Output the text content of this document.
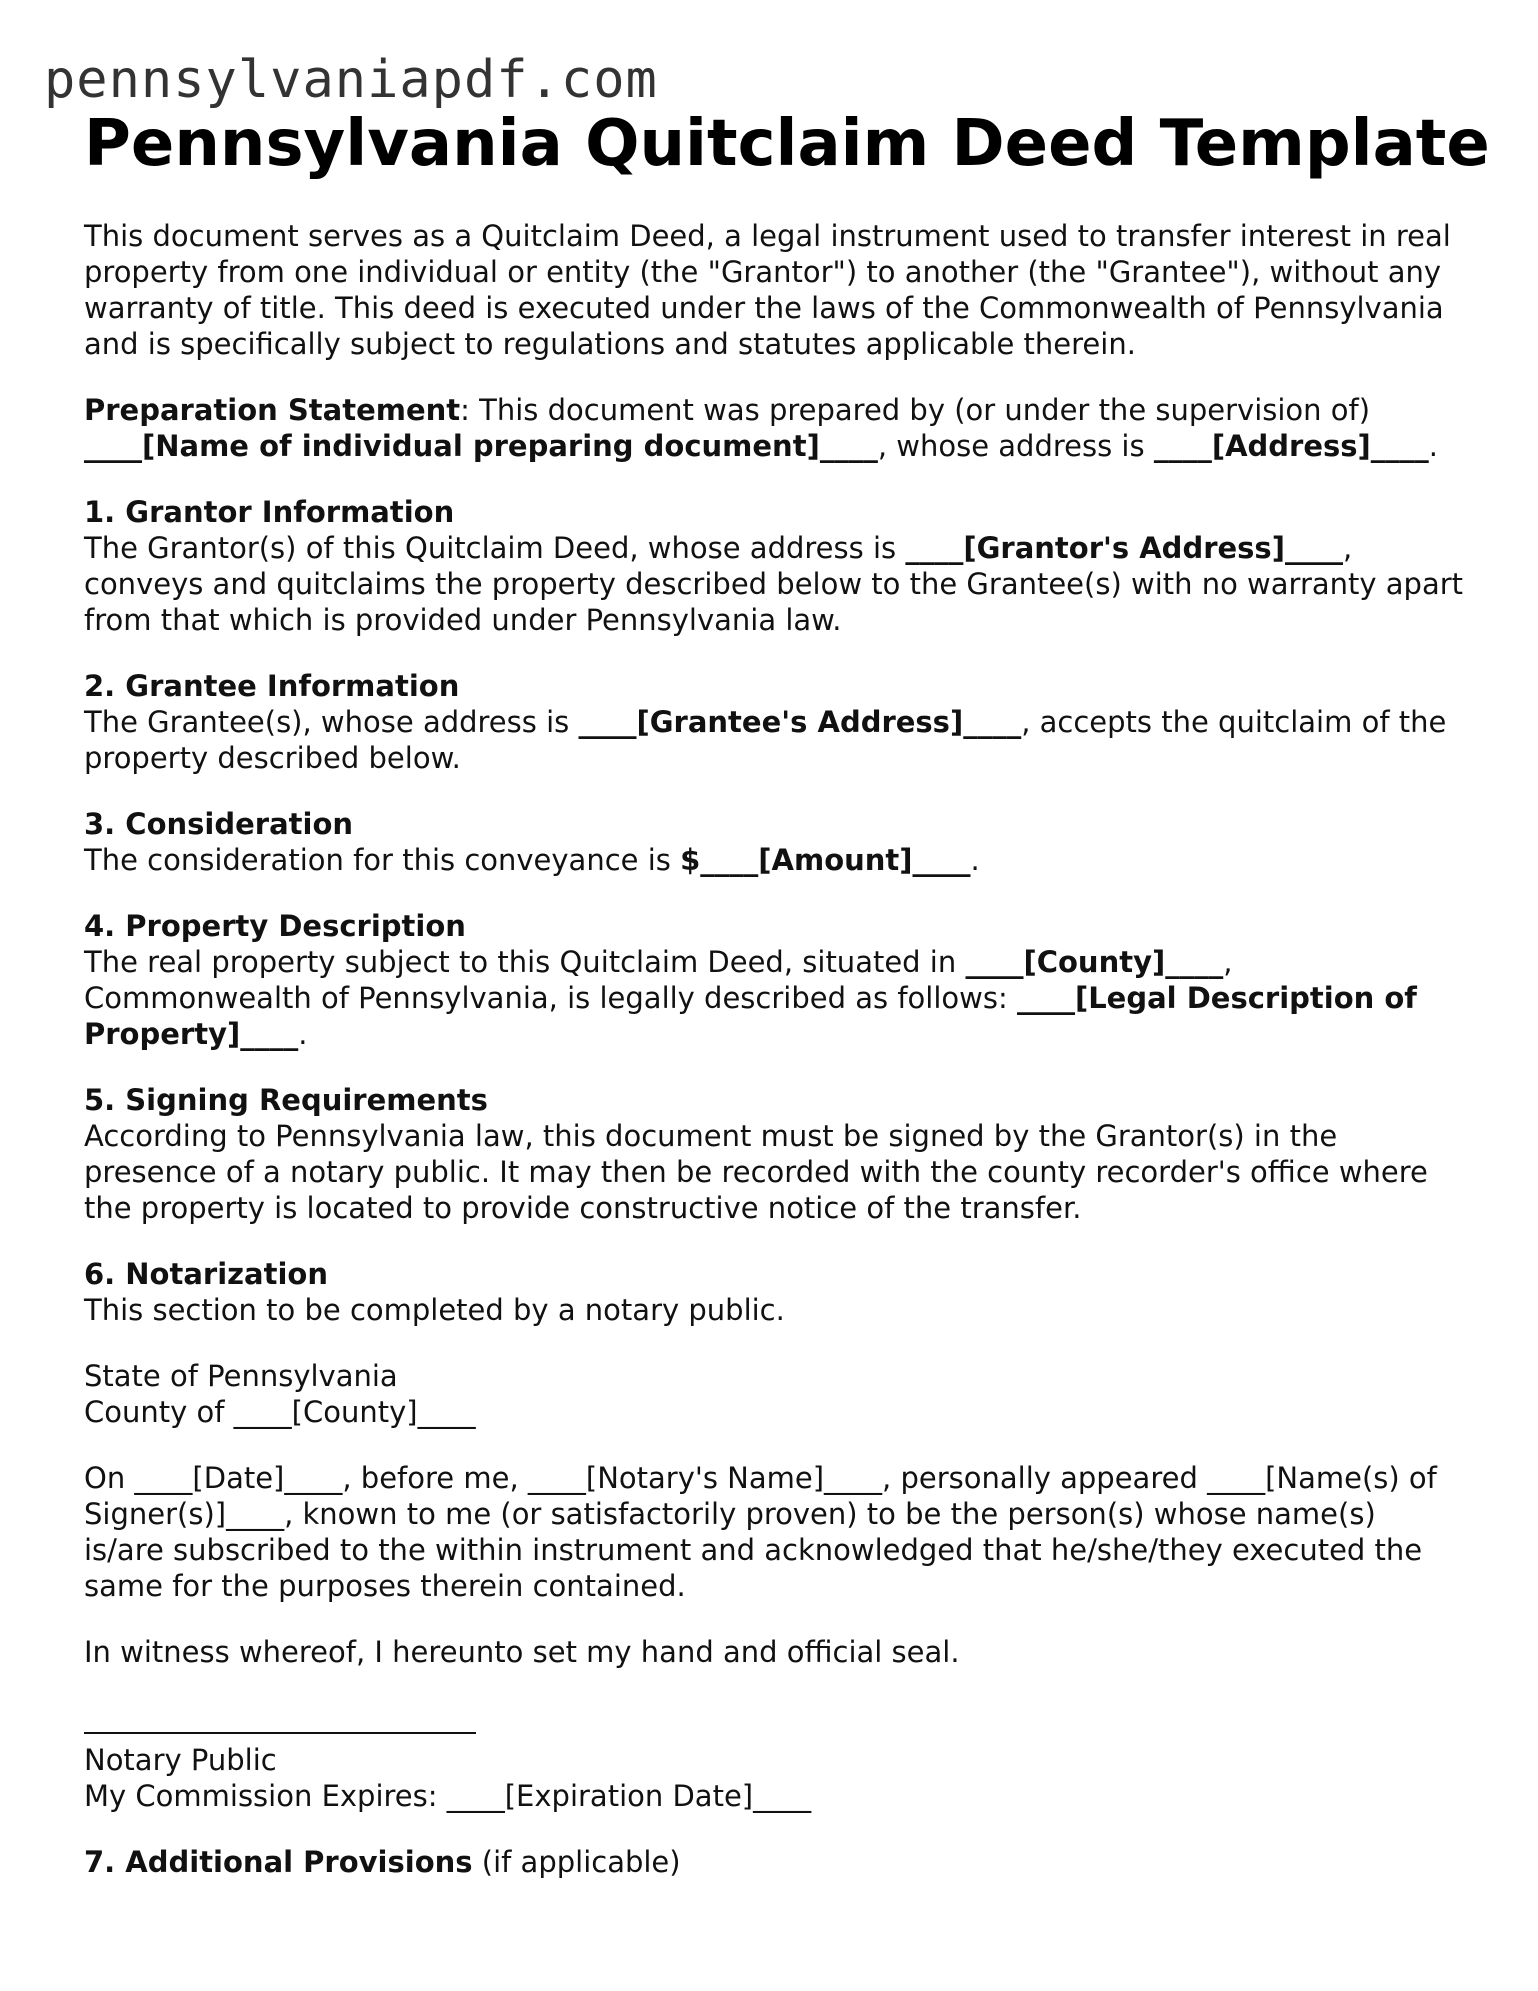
pennsylvaniapdf.com
Pennsylvania Quitclaim Deed Template

This document serves as a Quitclaim Deed, a legal instrument used to transfer interest in real property from one individual or entity (the "Grantor") to another (the "Grantee"), without any warranty of title. This deed is executed under the laws of the Commonwealth of Pennsylvania and is specifically subject to regulations and statutes applicable therein.

Preparation Statement: This document was prepared by (or under the supervision of) ____[Name of individual preparing document]____, whose address is ____[Address]____.

1. Grantor Information
The Grantor(s) of this Quitclaim Deed, whose address is ____[Grantor's Address]____, conveys and quitclaims the property described below to the Grantee(s) with no warranty apart from that which is provided under Pennsylvania law.

2. Grantee Information
The Grantee(s), whose address is ____[Grantee's Address]____, accepts the quitclaim of the property described below.

3. Consideration
The consideration for this conveyance is $____[Amount]____.

4. Property Description
The real property subject to this Quitclaim Deed, situated in ____[County]____, Commonwealth of Pennsylvania, is legally described as follows: ____[Legal Description of Property]____.

5. Signing Requirements
According to Pennsylvania law, this document must be signed by the Grantor(s) in the presence of a notary public. It may then be recorded with the county recorder's office where the property is located to provide constructive notice of the transfer.

6. Notarization
This section to be completed by a notary public.

State of Pennsylvania
County of ____[County]____

On ____[Date]____, before me, ____[Notary's Name]____, personally appeared ____[Name(s) of Signer(s)]____, known to me (or satisfactorily proven) to be the person(s) whose name(s) is/are subscribed to the within instrument and acknowledged that he/she/they executed the same for the purposes therein contained.

In witness whereof, I hereunto set my hand and official seal.

Notary Public
My Commission Expires: ____[Expiration Date]____

7. Additional Provisions (if applicable)
